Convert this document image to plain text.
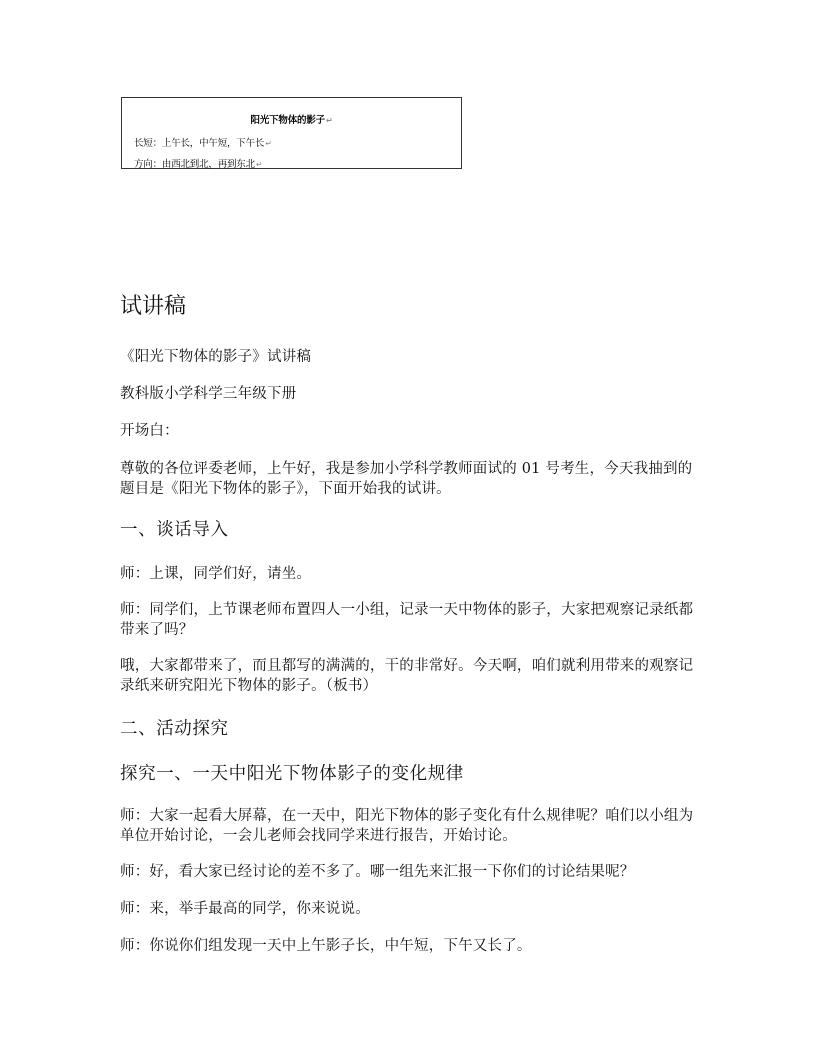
阳光下物体的影子↵
长短：上午长，中午短，下午长↵
方向：由西北到北，再到东北↵
试讲稿
《阳光下物体的影子》试讲稿
教科版小学科学三年级下册
开场白：
尊敬的各位评委老师，上午好，我是参加小学科学教师面试的 01 号考生，今天我抽到的题目是《阳光下物体的影子》，下面开始我的试讲。
一、谈话导入
师：上课，同学们好，请坐。
师：同学们，上节课老师布置四人一小组，记录一天中物体的影子，大家把观察记录纸都带来了吗？
哦，大家都带来了，而且都写的满满的，干的非常好。今天啊，咱们就利用带来的观察记录纸来研究阳光下物体的影子。（板书）
二、活动探究
探究一、一天中阳光下物体影子的变化规律
师：大家一起看大屏幕，在一天中，阳光下物体的影子变化有什么规律呢？咱们以小组为单位开始讨论，一会儿老师会找同学来进行报告，开始讨论。
师：好，看大家已经讨论的差不多了。哪一组先来汇报一下你们的讨论结果呢？
师：来，举手最高的同学，你来说说。
师：你说你们组发现一天中上午影子长，中午短，下午又长了。
